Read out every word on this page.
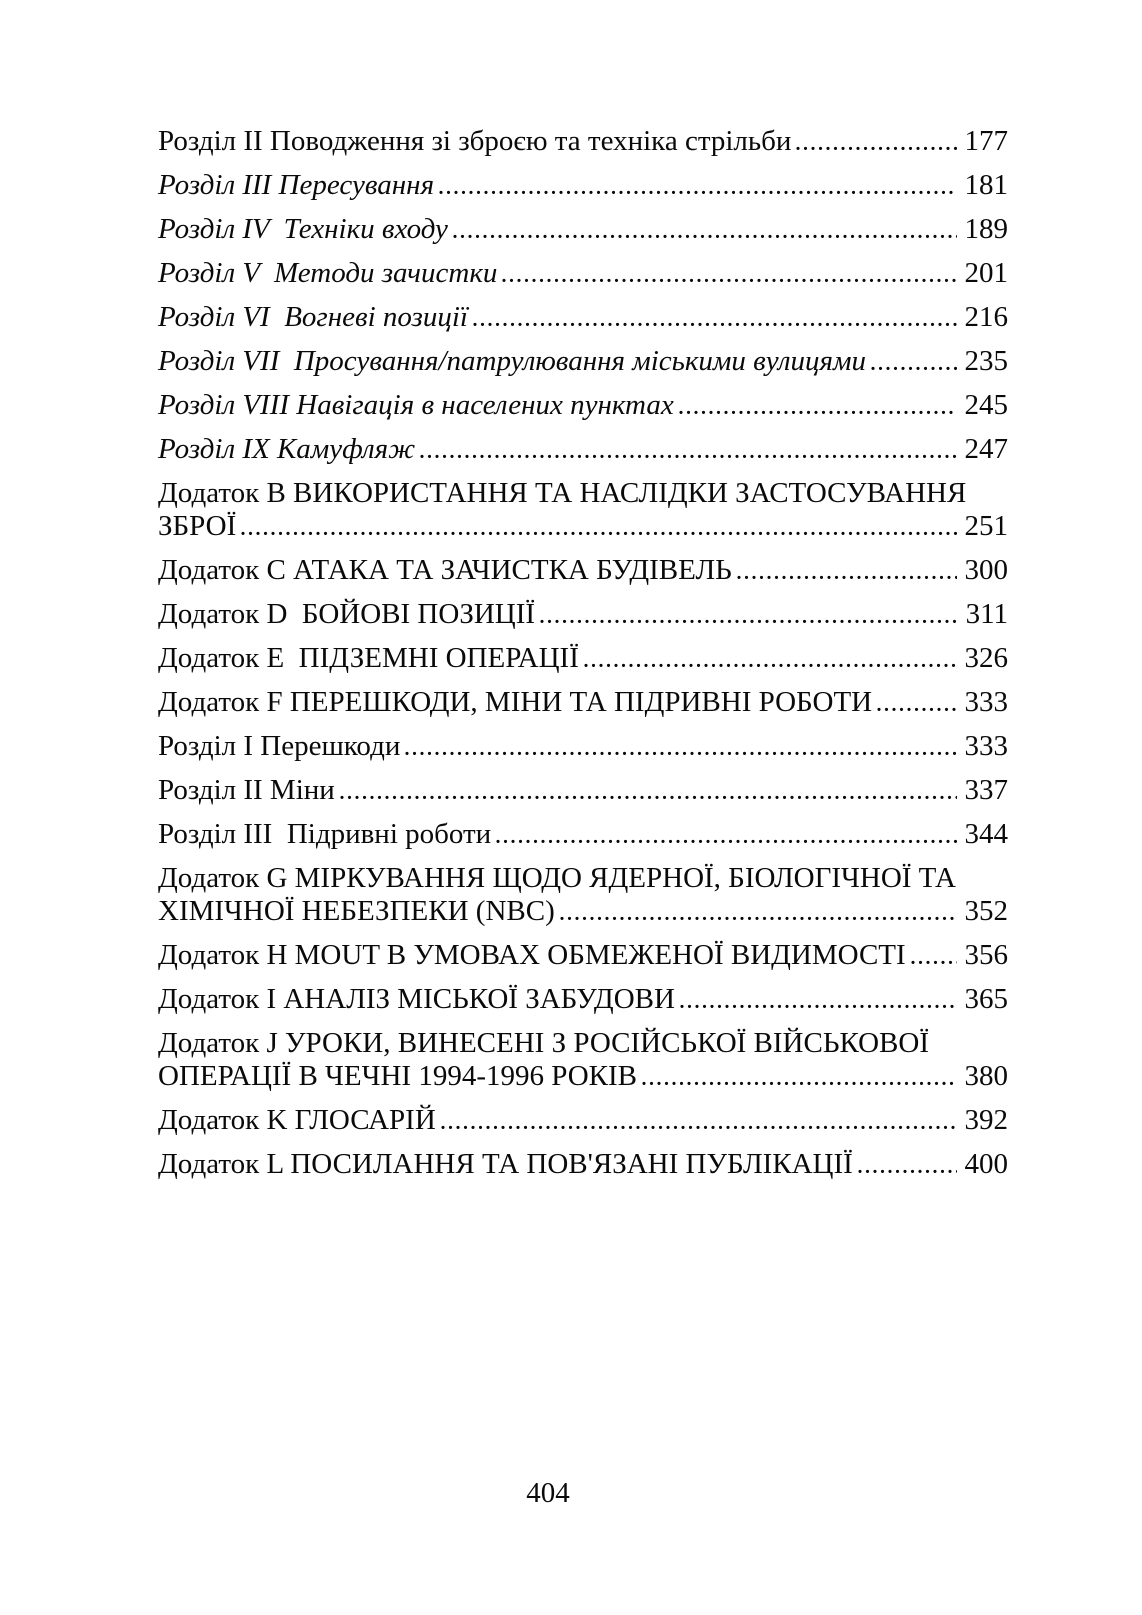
Розділ II Поводження зі зброєю та техніка стрільби	177
Розділ III Пересування	181
Розділ IV  Техніки входу	189
Розділ V  Методи зачистки	201
Розділ VI  Вогневі позиції	216
Розділ VII  Просування/патрулювання міськими вулицями	235
Розділ VIII Навігація в населених пунктах	245
Розділ IX Камуфляж	247
Додаток B ВИКОРИСТАННЯ ТА НАСЛІДКИ ЗАСТОСУВАННЯ
ЗБРОЇ	251
Додаток C АТАКА ТА ЗАЧИСТКА БУДІВЕЛЬ	300
Додаток D  БОЙОВІ ПОЗИЦІЇ	311
Додаток E  ПІДЗЕМНІ ОПЕРАЦІЇ	326
Додаток F ПЕРЕШКОДИ, МІНИ ТА ПІДРИВНІ РОБОТИ	333
Розділ I Перешкоди	333
Розділ II Міни	337
Розділ III  Підривні роботи	344
Додаток G МІРКУВАННЯ ЩОДО ЯДЕРНОЇ, БІОЛОГІЧНОЇ ТА
ХІМІЧНОЇ НЕБЕЗПЕКИ (NBC)	352
Додаток H MOUT В УМОВАХ ОБМЕЖЕНОЇ ВИДИМОСТІ 356
Додаток I АНАЛІЗ МІСЬКОЇ ЗАБУДОВИ	365
Додаток J УРОКИ, ВИНЕСЕНІ З РОСІЙСЬКОЇ ВІЙСЬКОВОЇ
ОПЕРАЦІЇ В ЧЕЧНІ 1994-1996 РОКІВ	380
Додаток K ГЛОСАРІЙ	392
Додаток L ПОСИЛАННЯ ТА ПОВ'ЯЗАНІ ПУБЛІКАЦІЇ	400
404
